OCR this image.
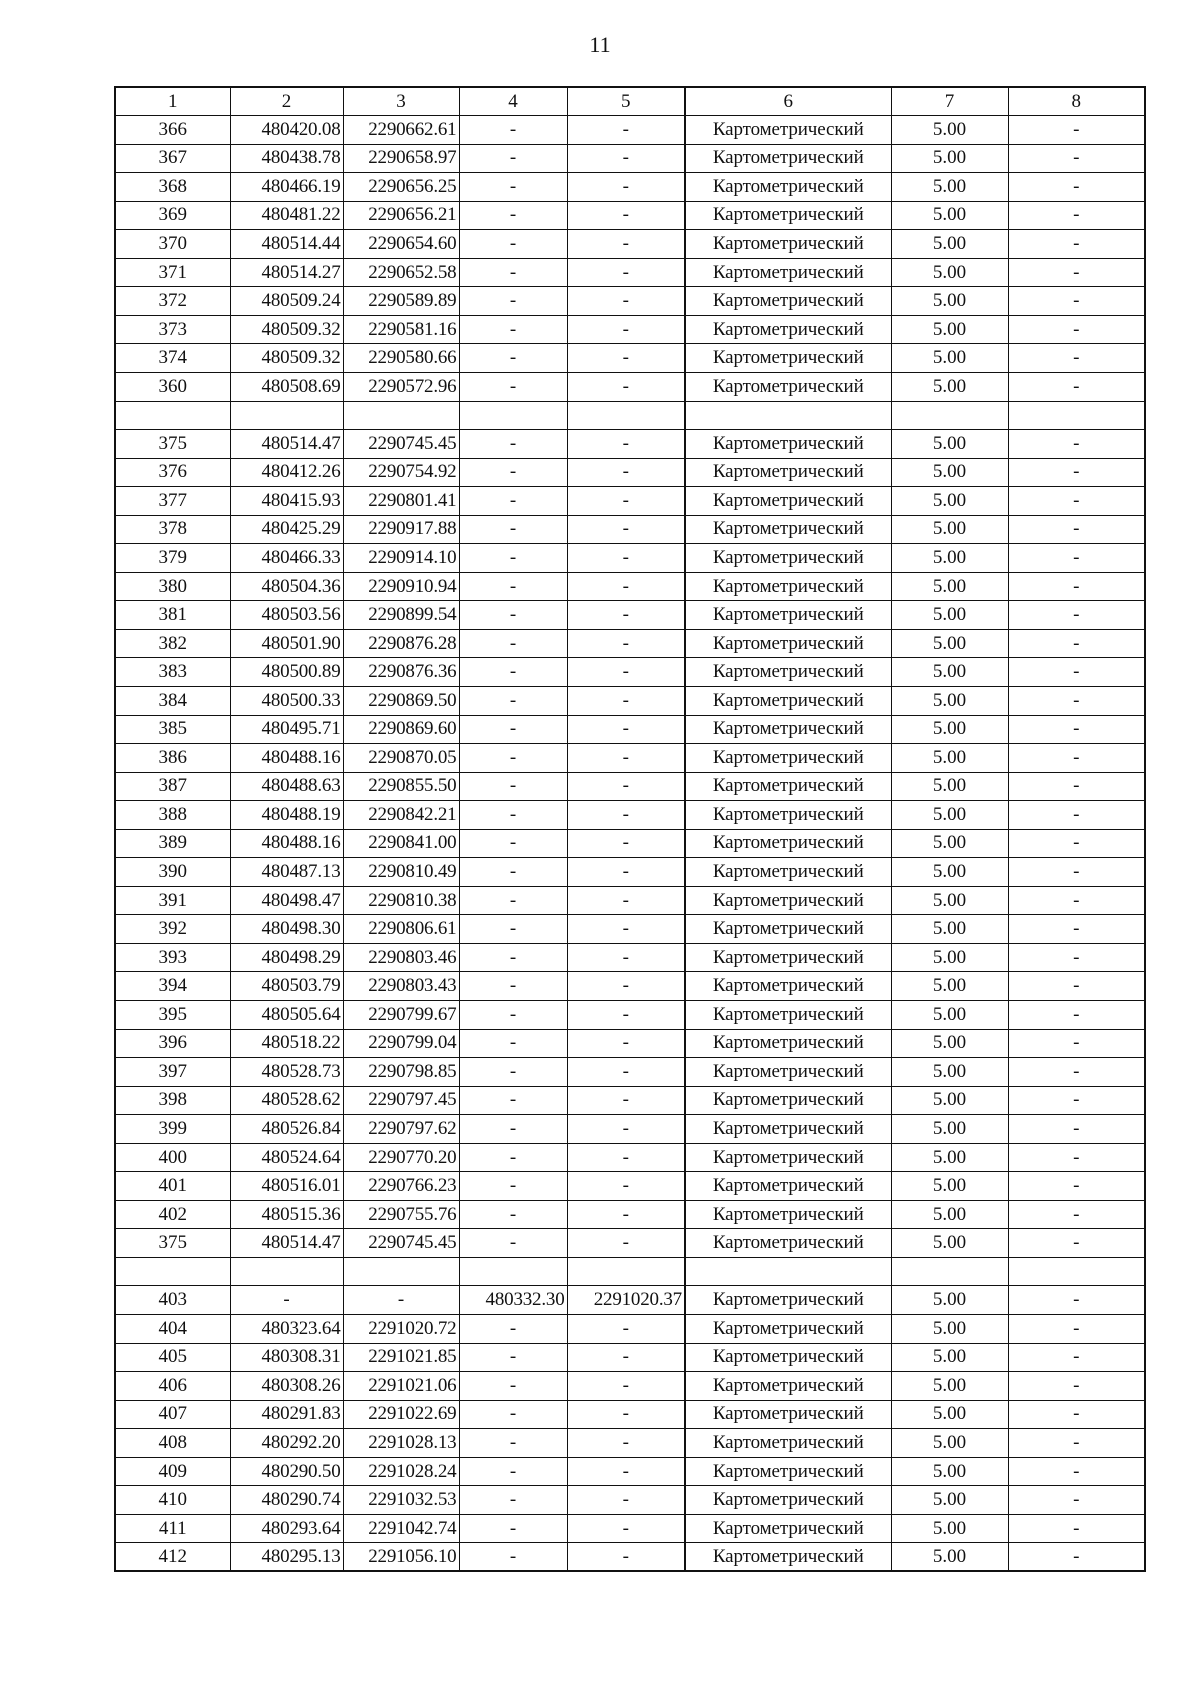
11
1	2	3	4	5	6	7	8
366	480420.08	2290662.61	-	-	Картометрический	5.00	-
367	480438.78	2290658.97	-	-	Картометрический	5.00	-
368	480466.19	2290656.25	-	-	Картометрический	5.00	-
369	480481.22	2290656.21	-	-	Картометрический	5.00	-
370	480514.44	2290654.60	-	-	Картометрический	5.00	-
371	480514.27	2290652.58	-	-	Картометрический	5.00	-
372	480509.24	2290589.89	-	-	Картометрический	5.00	-
373	480509.32	2290581.16	-	-	Картометрический	5.00	-
374	480509.32	2290580.66	-	-	Картометрический	5.00	-
360	480508.69	2290572.96	-	-	Картометрический	5.00	-

375	480514.47	2290745.45	-	-	Картометрический	5.00	-
376	480412.26	2290754.92	-	-	Картометрический	5.00	-
377	480415.93	2290801.41	-	-	Картометрический	5.00	-
378	480425.29	2290917.88	-	-	Картометрический	5.00	-
379	480466.33	2290914.10	-	-	Картометрический	5.00	-
380	480504.36	2290910.94	-	-	Картометрический	5.00	-
381	480503.56	2290899.54	-	-	Картометрический	5.00	-
382	480501.90	2290876.28	-	-	Картометрический	5.00	-
383	480500.89	2290876.36	-	-	Картометрический	5.00	-
384	480500.33	2290869.50	-	-	Картометрический	5.00	-
385	480495.71	2290869.60	-	-	Картометрический	5.00	-
386	480488.16	2290870.05	-	-	Картометрический	5.00	-
387	480488.63	2290855.50	-	-	Картометрический	5.00	-
388	480488.19	2290842.21	-	-	Картометрический	5.00	-
389	480488.16	2290841.00	-	-	Картометрический	5.00	-
390	480487.13	2290810.49	-	-	Картометрический	5.00	-
391	480498.47	2290810.38	-	-	Картометрический	5.00	-
392	480498.30	2290806.61	-	-	Картометрический	5.00	-
393	480498.29	2290803.46	-	-	Картометрический	5.00	-
394	480503.79	2290803.43	-	-	Картометрический	5.00	-
395	480505.64	2290799.67	-	-	Картометрический	5.00	-
396	480518.22	2290799.04	-	-	Картометрический	5.00	-
397	480528.73	2290798.85	-	-	Картометрический	5.00	-
398	480528.62	2290797.45	-	-	Картометрический	5.00	-
399	480526.84	2290797.62	-	-	Картометрический	5.00	-
400	480524.64	2290770.20	-	-	Картометрический	5.00	-
401	480516.01	2290766.23	-	-	Картометрический	5.00	-
402	480515.36	2290755.76	-	-	Картометрический	5.00	-
375	480514.47	2290745.45	-	-	Картометрический	5.00	-

403	-	-	480332.30	2291020.37	Картометрический	5.00	-
404	480323.64	2291020.72	-	-	Картометрический	5.00	-
405	480308.31	2291021.85	-	-	Картометрический	5.00	-
406	480308.26	2291021.06	-	-	Картометрический	5.00	-
407	480291.83	2291022.69	-	-	Картометрический	5.00	-
408	480292.20	2291028.13	-	-	Картометрический	5.00	-
409	480290.50	2291028.24	-	-	Картометрический	5.00	-
410	480290.74	2291032.53	-	-	Картометрический	5.00	-
411	480293.64	2291042.74	-	-	Картометрический	5.00	-
412	480295.13	2291056.10	-	-	Картометрический	5.00	-
